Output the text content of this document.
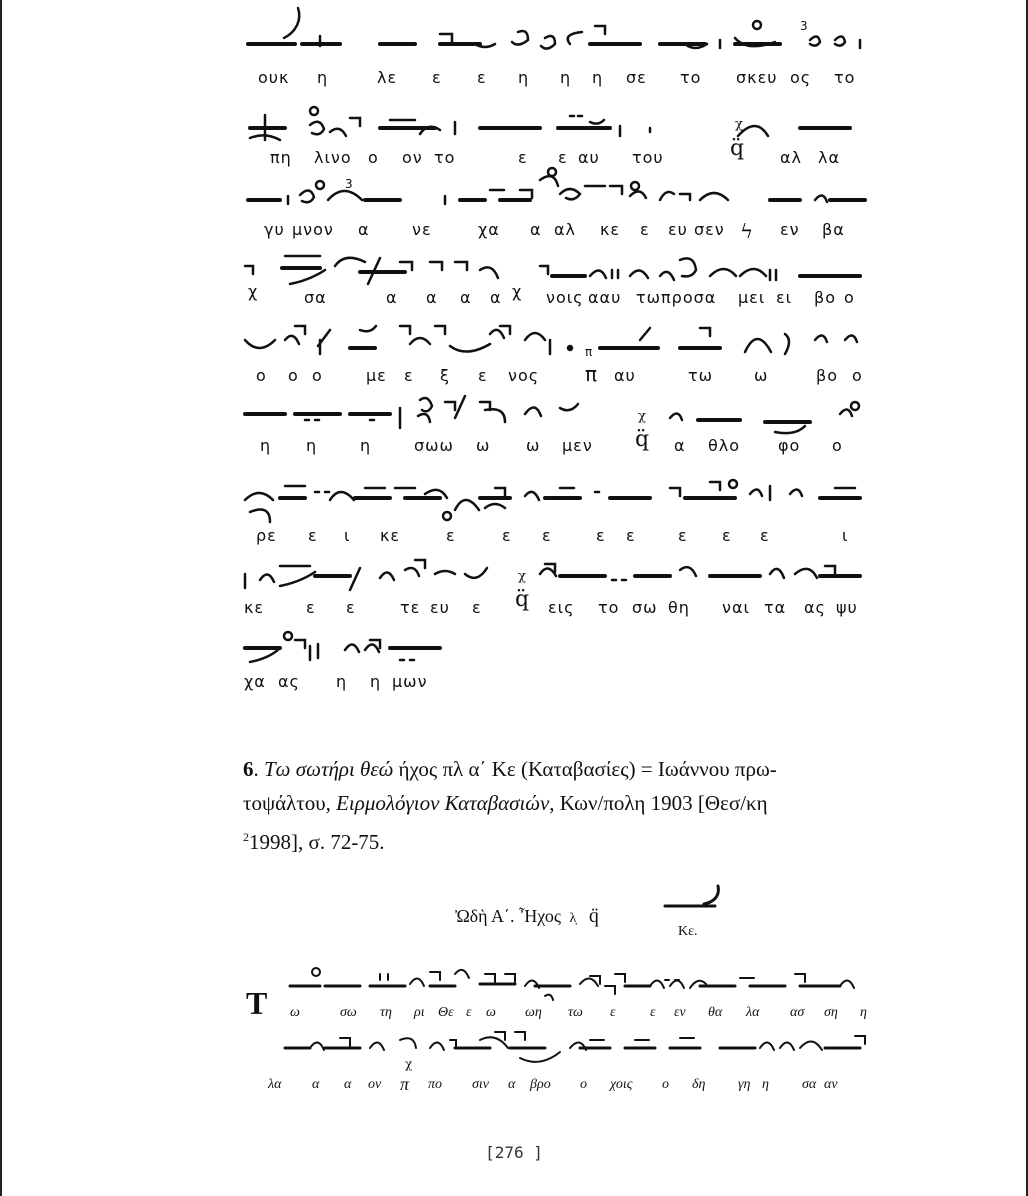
3
χ
q̈
3
ϟ
π
χ
q̈
χ
q̈
ουκ η	λε ε ε η η η σε το σκευ ος το
πη λινο ο ον το	ε ε αυ του	αλ λα
γυ μνον α	νε	χα α αλ κε ε ευ σεν	εν βα
χ	σα	α α α α χ νοις ααυ τωπροσα μει ει βο ο
ο ο ο	με ε ξ ε νος π αυ	τω	ω	βο ο
η η	η	σωω ω ω μεν	α θλο φο ο
ρε ε ι κε	ε	ε ε	ε ε	ε ε ε	ι
κε	ε ε	τε ευ ε	εις το σω θη ναι τα ας ψυ
χα ας η η μων
6. Τω σωτήρι θεώ ήχος πλ α΄ Κε (Καταβασίες) = Ιωάννου πρω-
τοψάλτου, Ειρμολόγιον Καταβασιών, Κων/πολη 1903 [Θεσ/κη
$^2$1998], σ. 72-75.
Ὠδὴ Α΄. Ἦχος λ̣ q̈
Κε.
Τ
χ
ω	σω τη ρι Θε ε ω ωη τω ε ε εν θα λα ασ ση η
λα α α ον π πο σιν α βρο ο χοις ο δη γη η σα αν
[276 ]
